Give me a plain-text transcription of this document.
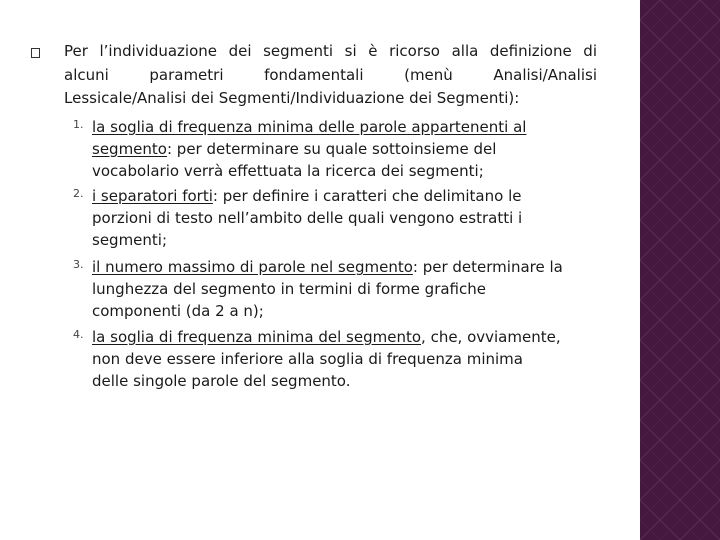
Per l’individuazione dei segmenti si è ricorso alla definizione di
alcuni parametri fondamentali (menù Analisi/Analisi
Lessicale/Analisi dei Segmenti/Individuazione dei Segmenti):
1. la soglia di frequenza minima delle parole appartenenti al
segmento: per determinare su quale sottoinsieme del
vocabolario verrà effettuata la ricerca dei segmenti;
2. i separatori forti: per definire i caratteri che delimitano le
porzioni di testo nell’ambito delle quali vengono estratti i
segmenti;
3. il numero massimo di parole nel segmento: per determinare la
lunghezza del segmento in termini di forme grafiche
componenti (da 2 a n);
4. la soglia di frequenza minima del segmento, che, ovviamente,
non deve essere inferiore alla soglia di frequenza minima
delle singole parole del segmento.
